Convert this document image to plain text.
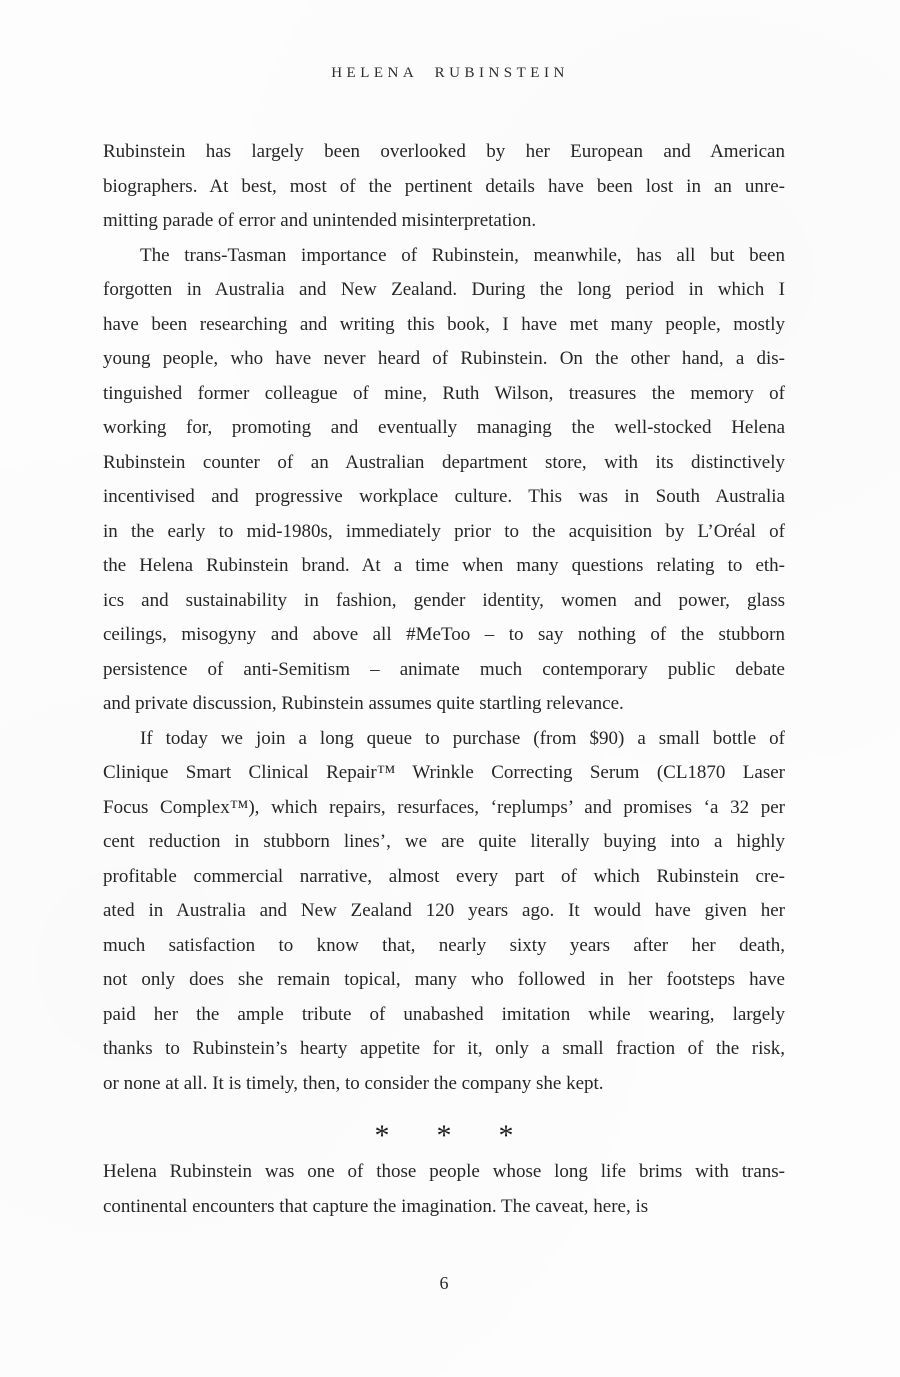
HELENA RUBINSTEIN
Rubinstein has largely been overlooked by her European and American
biographers. At best, most of the pertinent details have been lost in an unre-
mitting parade of error and unintended misinterpretation.
The trans-Tasman importance of Rubinstein, meanwhile, has all but been
forgotten in Australia and New Zealand. During the long period in which I
have been researching and writing this book, I have met many people, mostly
young people, who have never heard of Rubinstein. On the other hand, a dis-
tinguished former colleague of mine, Ruth Wilson, treasures the memory of
working for, promoting and eventually managing the well-stocked Helena
Rubinstein counter of an Australian department store, with its distinctively
incentivised and progressive workplace culture. This was in South Australia
in the early to mid-1980s, immediately prior to the acquisition by L’Oréal of
the Helena Rubinstein brand. At a time when many questions relating to eth-
ics and sustainability in fashion, gender identity, women and power, glass
ceilings, misogyny and above all #MeToo – to say nothing of the stubborn
persistence of anti-Semitism – animate much contemporary public debate
and private discussion, Rubinstein assumes quite startling relevance.
If today we join a long queue to purchase (from $90) a small bottle of
Clinique Smart Clinical Repair™ Wrinkle Correcting Serum (CL1870 Laser
Focus Complex™), which repairs, resurfaces, ‘replumps’ and promises ‘a 32 per
cent reduction in stubborn lines’, we are quite literally buying into a highly
profitable commercial narrative, almost every part of which Rubinstein cre-
ated in Australia and New Zealand 120 years ago. It would have given her
much satisfaction to know that, nearly sixty years after her death,
not only does she remain topical, many who followed in her footsteps have
paid her the ample tribute of unabashed imitation while wearing, largely
thanks to Rubinstein’s hearty appetite for it, only a small fraction of the risk,
or none at all. It is timely, then, to consider the company she kept.
* * *
Helena Rubinstein was one of those people whose long life brims with trans-
continental encounters that capture the imagination. The caveat, here, is
6
